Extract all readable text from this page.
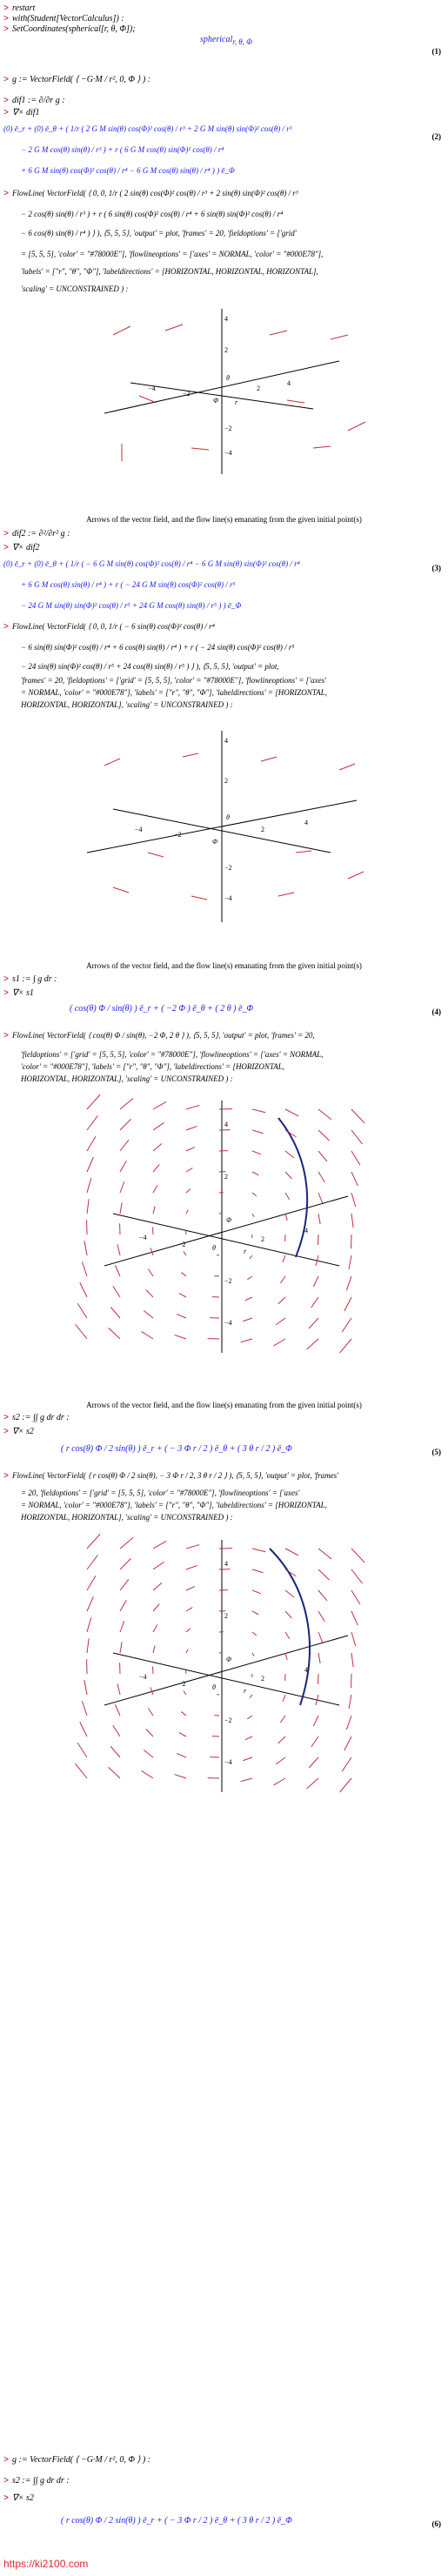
> restart
> with(Student[VectorCalculus]) :
> SetCoordinates(spherical[r, θ, Φ]);
spherical$_{r, \theta, \Phi}$
(1)
> g := VectorField( ⟨ −G·M / r², 0, Φ ⟩ ) :
> dif1 := ∂/∂r g :
> ∇× dif1
(0) ē_r + (0) ē_θ + ( 1/r ( 2 G M sin(θ) cos(Φ)² cos(θ) / r³ + 2 G M sin(θ) sin(Φ)² cos(θ) / r³
(2)
− 2 G M cos(θ) sin(θ) / r³ ) + r ( 6 G M cos(θ) sin(Φ)² cos(θ) / r⁴
+ 6 G M sin(θ) cos(Φ)² cos(θ) / r⁴ − 6 G M cos(θ) sin(θ) / r⁴ ) ) ē_Φ
> FlowLine( VectorField( ⟨ 0, 0, 1/r ( 2 sin(θ) cos(Φ)² cos(θ) / r³ + 2 sin(θ) sin(Φ)² cos(θ) / r³
− 2 cos(θ) sin(θ) / r³ ) + r ( 6 sin(θ) cos(Φ)² cos(θ) / r⁴ + 6 sin(θ) sin(Φ)² cos(θ) / r⁴
− 6 cos(θ) sin(θ) / r⁴ ) ⟩ ), ⟨5, 5, 5⟩, 'output' = plot, 'frames' = 20, 'fieldoptions' = ['grid'
= [5, 5, 5], 'color' = "#78000E"], 'flowlineoptions' = ['axes' = NORMAL, 'color' = "#000E78"],
'labels' = ["r", "θ", "Φ"], 'labeldirections' = [HORIZONTAL, HORIZONTAL, HORIZONTAL],
'scaling' = UNCONSTRAINED ) :
4
2
−4
−2
2
4
−2
−4
θ
Φ r
Arrows of the vector field, and the flow line(s) emanating from the given initial point(s)
> dif2 := ∂²/∂r² g :
> ∇× dif2
(0) ē_r + (0) ē_θ + ( 1/r ( − 6 G M sin(θ) cos(Φ)² cos(θ) / r⁴ − 6 G M sin(θ) sin(Φ)² cos(θ) / r⁴	(3)
+ 6 G M cos(θ) sin(θ) / r⁴ ) + r ( − 24 G M sin(θ) cos(Φ)² cos(θ) / r⁵
− 24 G M sin(θ) sin(Φ)² cos(θ) / r⁵ + 24 G M cos(θ) sin(θ) / r⁵ ) ) ē_Φ
> FlowLine( VectorField( ⟨ 0, 0, 1/r ( − 6 sin(θ) cos(Φ)² cos(θ) / r⁴
− 6 sin(θ) sin(Φ)² cos(θ) / r⁴ + 6 cos(θ) sin(θ) / r⁴ ) + r ( − 24 sin(θ) cos(Φ)² cos(θ) / r⁵
− 24 sin(θ) sin(Φ)² cos(θ) / r⁵ + 24 cos(θ) sin(θ) / r⁵ ) ⟩ ), ⟨5, 5, 5⟩, 'output' = plot,
'frames' = 20, 'fieldoptions' = ['grid' = [5, 5, 5], 'color' = "#78000E"], 'flowlineoptions' = ['axes'
= NORMAL, 'color' = "#000E78"], 'labels' = ["r", "θ", "Φ"], 'labeldirections' = [HORIZONTAL,
HORIZONTAL, HORIZONTAL], 'scaling' = UNCONSTRAINED ) :
4
2
−4
−2
2
4
−2
−4
θ
Φ
Arrows of the vector field, and the flow line(s) emanating from the given initial point(s)
> s1 := ∫ g dr :
> ∇× s1
( cos(θ) Φ / sin(θ) ) ē_r + ( −2 Φ ) ē_θ + ( 2 θ ) ē_Φ	(4)
> FlowLine( VectorField( ⟨ cos(θ) Φ / sin(θ), −2 Φ, 2 θ ⟩ ), ⟨5, 5, 5⟩, 'output' = plot, 'frames' = 20,
'fieldoptions' = ['grid' = [5, 5, 5], 'color' = "#78000E"], 'flowlineoptions' = ['axes' = NORMAL,
'color' = "#000E78"], 'labels' = ["r", "θ", "Φ"], 'labeldirections' = [HORIZONTAL,
HORIZONTAL, HORIZONTAL], 'scaling' = UNCONSTRAINED ) :
4
2
−4
−2
2
4
−2
−4
Φ
θ	r
Arrows of the vector field, and the flow line(s) emanating from the given initial point(s)
> s2 := ∫∫ g dr dr :
> ∇× s2
( r cos(θ) Φ / 2 sin(θ) ) ē_r + ( − 3 Φ r / 2 ) ē_θ + ( 3 θ r / 2 ) ē_Φ	(5)
> FlowLine( VectorField( ⟨ r cos(θ) Φ / 2 sin(θ), − 3 Φ r / 2, 3 θ r / 2 ⟩ ), ⟨5, 5, 5⟩, 'output' = plot, 'frames'
= 20, 'fieldoptions' = ['grid' = [5, 5, 5], 'color' = "#78000E"], 'flowlineoptions' = ['axes'
= NORMAL, 'color' = "#000E78"], 'labels' = ["r", "θ", "Φ"], 'labeldirections' = [HORIZONTAL,
HORIZONTAL, HORIZONTAL], 'scaling' = UNCONSTRAINED ) :
4
2
−4
−2
2
4
−2
−4
Φ
θ	r
> g := VectorField( ⟨ −G·M / r², 0, Φ ⟩ ) :
> s2 := ∫∫ g dr dr :
> ∇× s2
( r cos(θ) Φ / 2 sin(θ) ) ē_r + ( − 3 Φ r / 2 ) ē_θ + ( 3 θ r / 2 ) ē_Φ	(6)
https://ki2100.com
